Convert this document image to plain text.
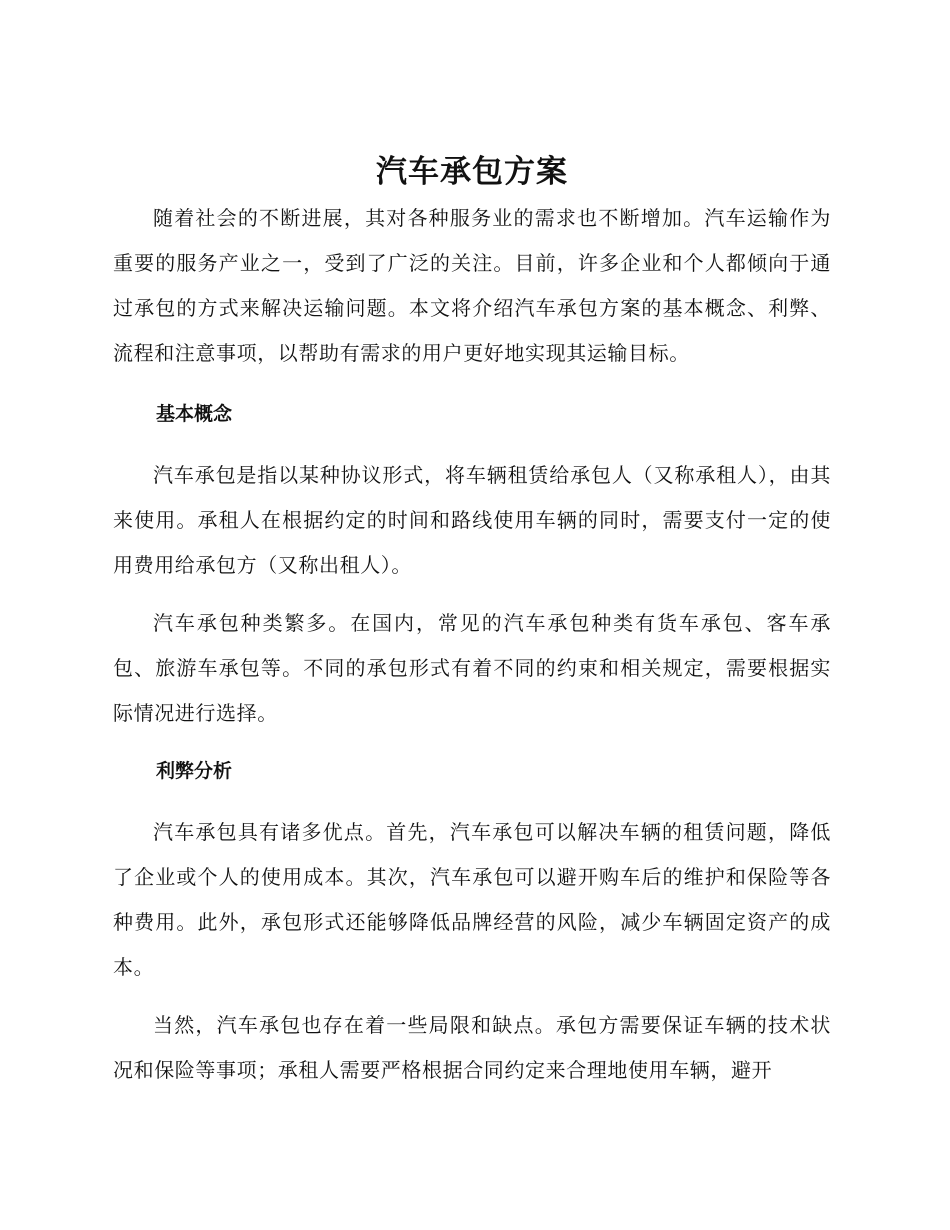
汽车承包方案

随着社会的不断进展，其对各种服务业的需求也不断增加。汽车运输作为重要的服务产业之一，受到了广泛的关注。目前，许多企业和个人都倾向于通过承包的方式来解决运输问题。本文将介绍汽车承包方案的基本概念、利弊、流程和注意事项，以帮助有需求的用户更好地实现其运输目标。

基本概念

汽车承包是指以某种协议形式，将车辆租赁给承包人（又称承租人），由其来使用。承租人在根据约定的时间和路线使用车辆的同时，需要支付一定的使用费用给承包方（又称出租人）。

汽车承包种类繁多。在国内，常见的汽车承包种类有货车承包、客车承包、旅游车承包等。不同的承包形式有着不同的约束和相关规定，需要根据实际情况进行选择。

利弊分析

汽车承包具有诸多优点。首先，汽车承包可以解决车辆的租赁问题，降低了企业或个人的使用成本。其次，汽车承包可以避开购车后的维护和保险等各种费用。此外，承包形式还能够降低品牌经营的风险，减少车辆固定资产的成本。

当然，汽车承包也存在着一些局限和缺点。承包方需要保证车辆的技术状况和保险等事项；承租人需要严格根据合同约定来合理地使用车辆，避开
